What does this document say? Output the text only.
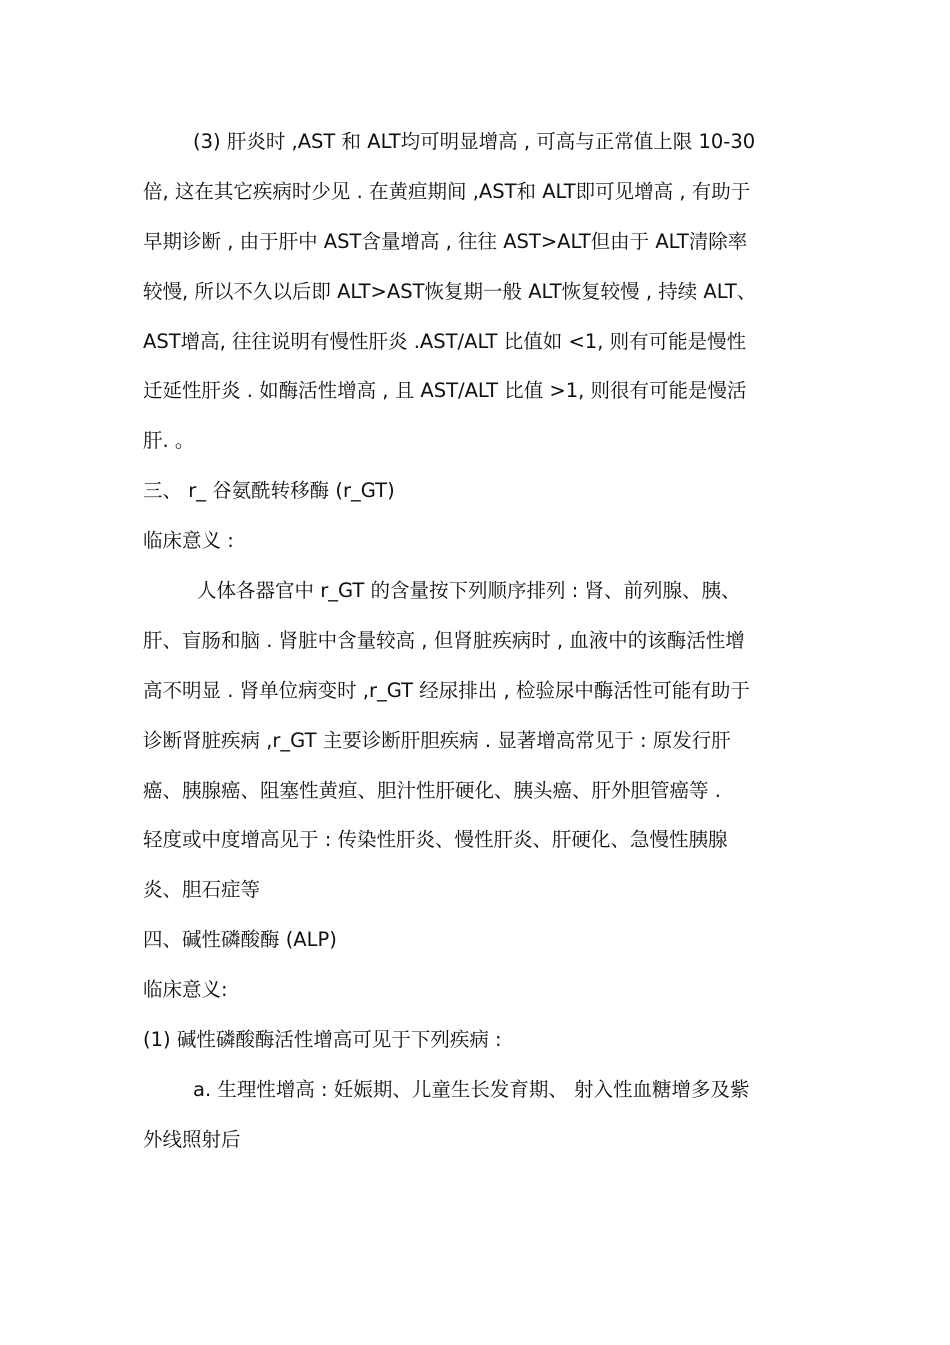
(3) 肝炎时 ,AST 和 ALT均可明显增高 , 可高与正常值上限 10-30
倍, 这在其它疾病时少见 . 在黄疸期间 ,AST和 ALT即可见增高 , 有助于
早期诊断 , 由于肝中 AST含量增高 , 往往 AST>ALT但由于 ALT清除率
较慢, 所以不久以后即 ALT>AST恢复期一般 ALT恢复较慢 , 持续 ALT、
AST增高, 往往说明有慢性肝炎 .AST/ALT 比值如 <1, 则有可能是慢性
迁延性肝炎 . 如酶活性增高 , 且 AST/ALT 比值 >1, 则很有可能是慢活
肝. 。
三、 r_ 谷氨酰转移酶 (r_GT)
临床意义 :
人体各器官中 r_GT 的含量按下列顺序排列 : 肾、前列腺、胰、
肝、盲肠和脑 . 肾脏中含量较高 , 但肾脏疾病时 , 血液中的该酶活性增
高不明显 . 肾单位病变时 ,r_GT 经尿排出 , 检验尿中酶活性可能有助于
诊断肾脏疾病 ,r_GT 主要诊断肝胆疾病 . 显著增高常见于 : 原发行肝
癌、胰腺癌、阻塞性黄疸、胆汁性肝硬化、胰头癌、肝外胆管癌等 .
轻度或中度增高见于 : 传染性肝炎、慢性肝炎、肝硬化、急慢性胰腺
炎、胆石症等
四、碱性磷酸酶 (ALP)
临床意义:
(1) 碱性磷酸酶活性增高可见于下列疾病 :
a. 生理性增高 : 妊娠期、儿童生长发育期、 射入性血糖增多及紫
外线照射后
